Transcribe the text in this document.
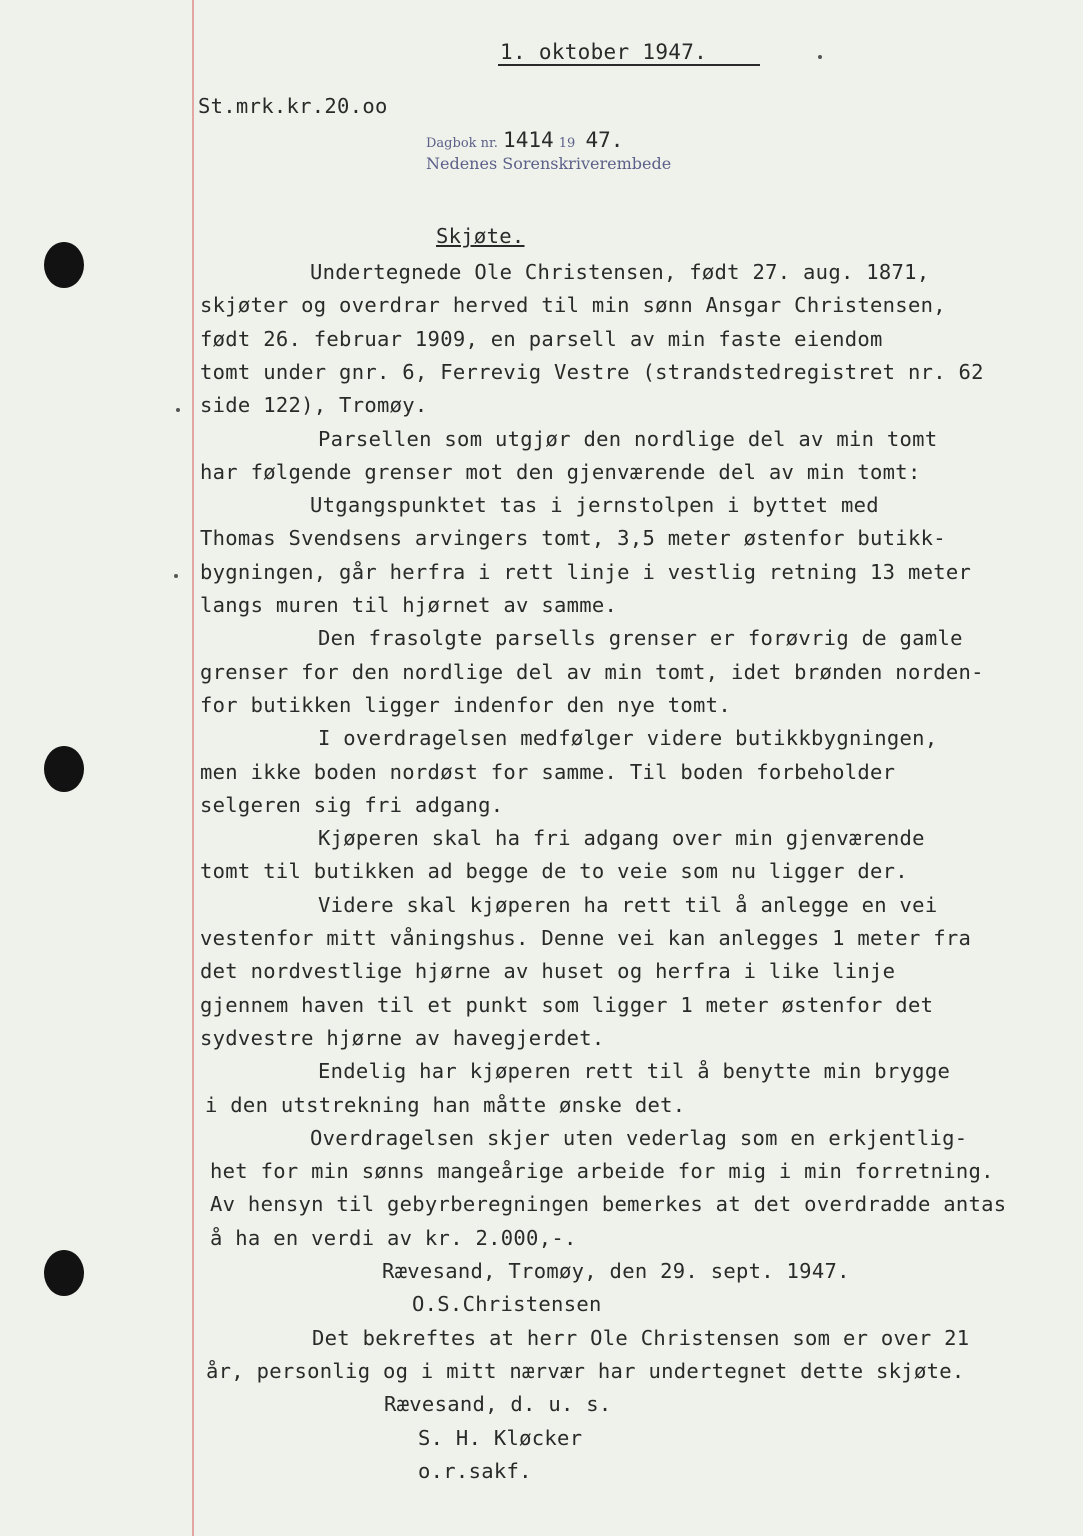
1. oktober 1947.
St.mrk.kr.20.oo
Dagbok nr. 1414 19 47.
Nedenes Sorenskriverembede
Skjøte.
Undertegnede Ole Christensen, født 27. aug. 1871,
skjøter og overdrar herved til min sønn Ansgar Christensen,
født 26. februar 1909, en parsell av min faste eiendom
tomt under gnr. 6, Ferrevig Vestre (strandstedregistret nr. 62
side 122), Tromøy.
Parsellen som utgjør den nordlige del av min tomt
har følgende grenser mot den gjenværende del av min tomt:
Utgangspunktet tas i jernstolpen i byttet med
Thomas Svendsens arvingers tomt, 3,5 meter østenfor butikk-
bygningen, går herfra i rett linje i vestlig retning 13 meter
langs muren til hjørnet av samme.
Den frasolgte parsells grenser er forøvrig de gamle
grenser for den nordlige del av min tomt, idet brønden norden-
for butikken ligger indenfor den nye tomt.
I overdragelsen medfølger videre butikkbygningen,
men ikke boden nordøst for samme. Til boden forbeholder
selgeren sig fri adgang.
Kjøperen skal ha fri adgang over min gjenværende
tomt til butikken ad begge de to veie som nu ligger der.
Videre skal kjøperen ha rett til å anlegge en vei
vestenfor mitt våningshus. Denne vei kan anlegges 1 meter fra
det nordvestlige hjørne av huset og herfra i like linje
gjennem haven til et punkt som ligger 1 meter østenfor det
sydvestre hjørne av havegjerdet.
Endelig har kjøperen rett til å benytte min brygge
i den utstrekning han måtte ønske det.
Overdragelsen skjer uten vederlag som en erkjentlig-
het for min sønns mangeårige arbeide for mig i min forretning.
Av hensyn til gebyrberegningen bemerkes at det overdradde antas
å ha en verdi av kr. 2.000,-.
Rævesand, Tromøy, den 29. sept. 1947.
O.S.Christensen
Det bekreftes at herr Ole Christensen som er over 21
år, personlig og i mitt nærvær har undertegnet dette skjøte.
Rævesand, d. u. s.
S. H. Kløcker
o.r.sakf.
